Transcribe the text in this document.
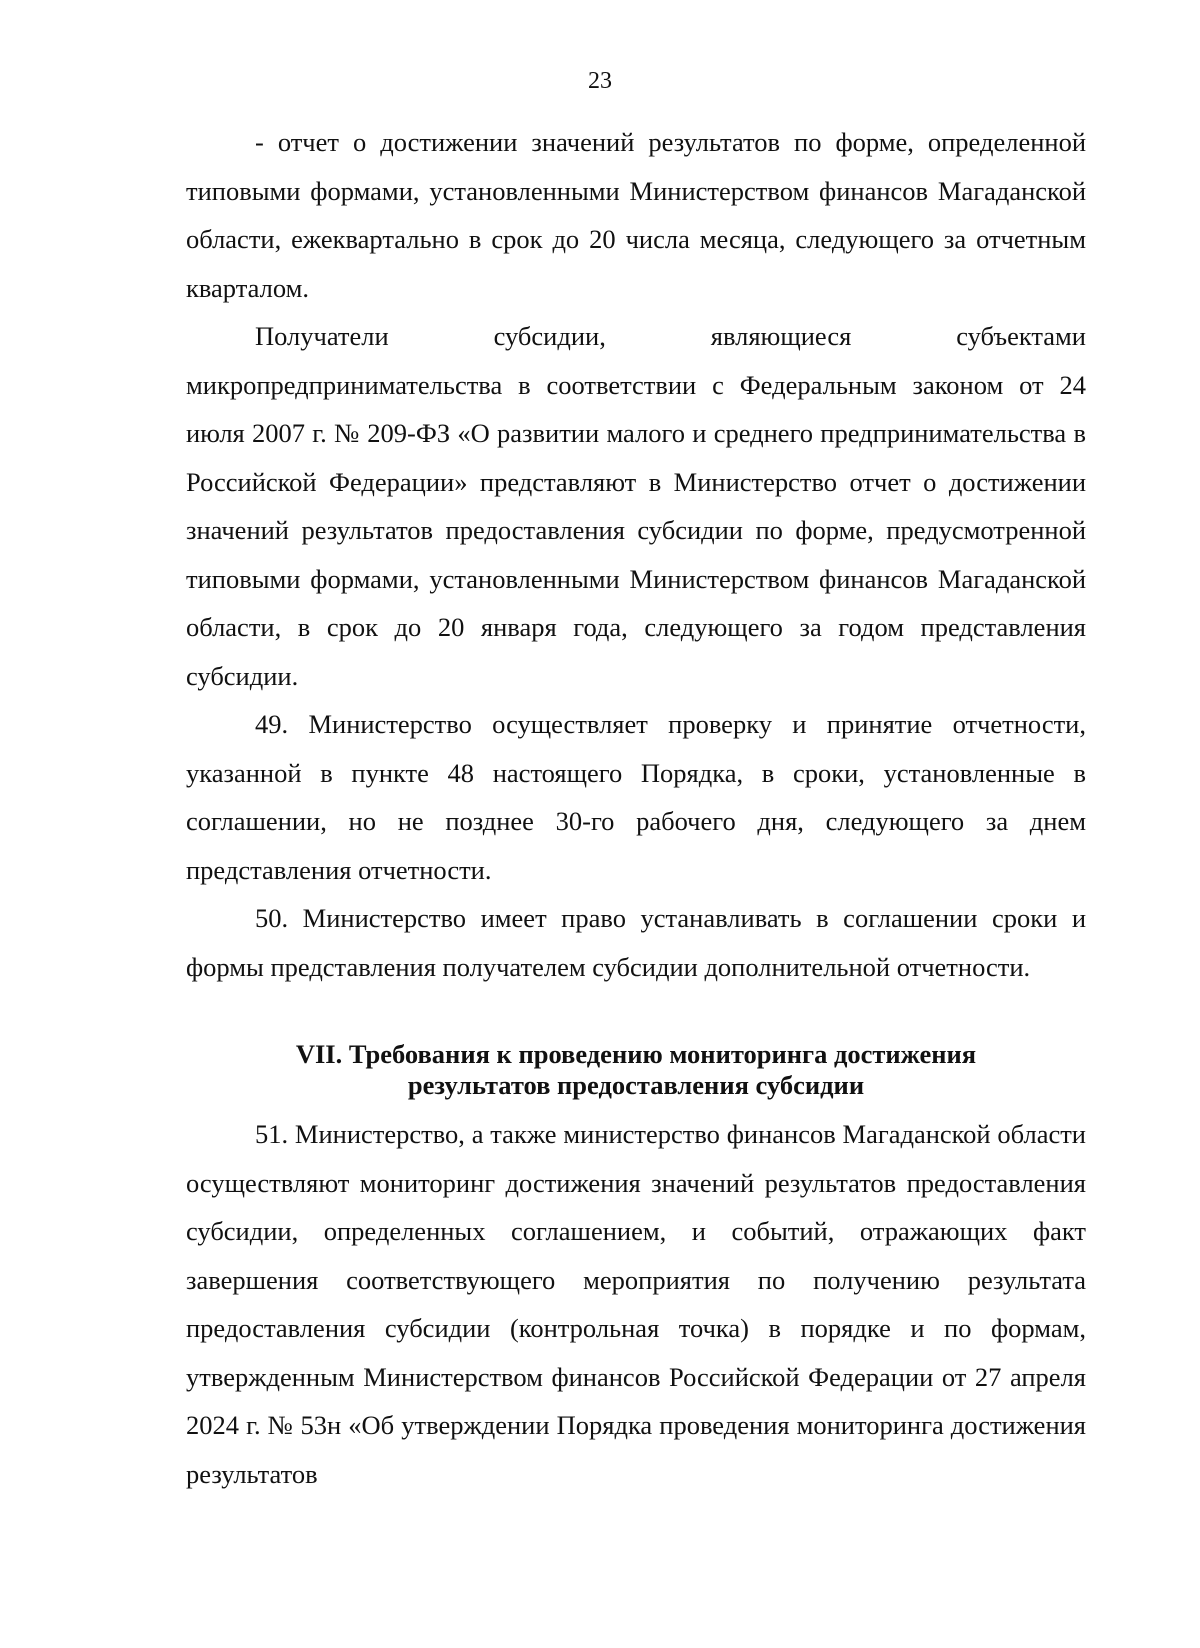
23

- отчет о достижении значений результатов по форме, определенной типовыми формами, установленными Министерством финансов Магаданской области, ежеквартально в срок до 20 числа месяца, следующего за отчетным кварталом.

Получатели субсидии, являющиеся субъектами микропредпринимательства в соответствии с Федеральным законом от 24 июля 2007 г. № 209-ФЗ «О развитии малого и среднего предпринимательства в Российской Федерации» представляют в Министерство отчет о достижении значений результатов предоставления субсидии по форме, предусмотренной типовыми формами, установленными Министерством финансов Магаданской области, в срок до 20 января года, следующего за годом представления субсидии.

49. Министерство осуществляет проверку и принятие отчетности, указанной в пункте 48 настоящего Порядка, в сроки, установленные в соглашении, но не позднее 30-го рабочего дня, следующего за днем представления отчетности.

50. Министерство имеет право устанавливать в соглашении сроки и формы представления получателем субсидии дополнительной отчетности.

VII. Требования к проведению мониторинга достижения
результатов предоставления субсидии

51. Министерство, а также министерство финансов Магаданской области осуществляют мониторинг достижения значений результатов предоставления субсидии, определенных соглашением, и событий, отражающих факт завершения соответствующего мероприятия по получению результата предоставления субсидии (контрольная точка) в порядке и по формам, утвержденным Министерством финансов Российской Федерации от 27 апреля 2024 г. № 53н «Об утверждении Порядка проведения мониторинга достижения результатов
